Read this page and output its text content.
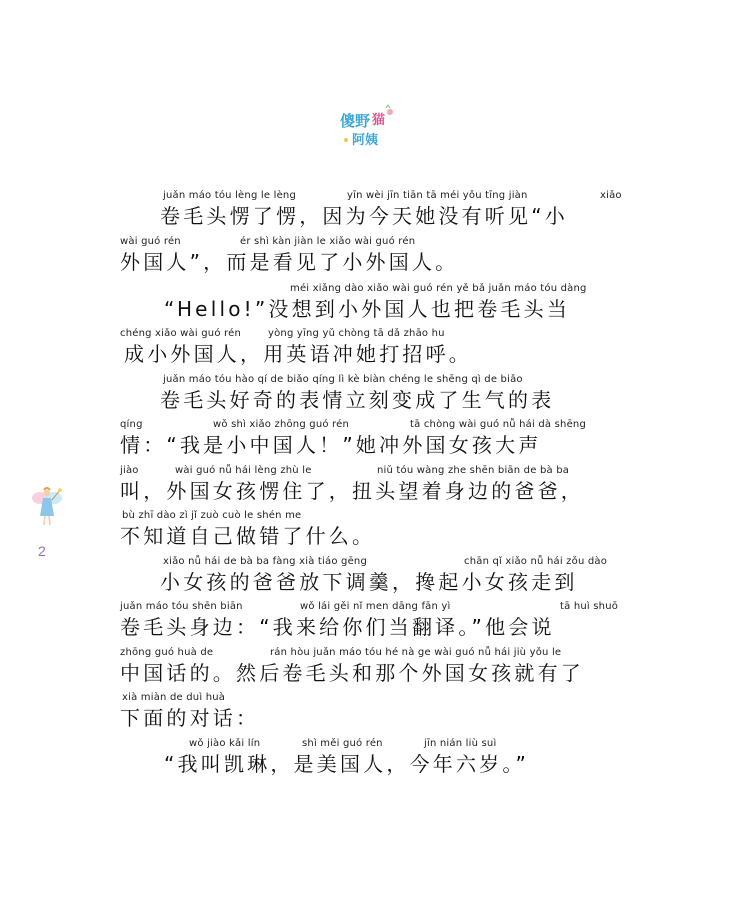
傻野 猫
阿姨
2
juǎn máo tóu lèng le lèng	yīn wèi jīn tiān tā méi yǒu tīng jiàn	xiǎo
卷毛头愣了愣，因为今天她没有听见“小
wài guó rén	ér shì kàn jiàn le xiǎo wài guó rén
外国人”，而是看见了小外国人。
méi xiǎng dào xiǎo wài guó rén yě bǎ juǎn máo tóu dàng
“Hello!”没想到小外国人也把卷毛头当
chéng xiǎo wài guó rén	yòng yīng yǔ chòng tā dǎ zhāo hu
成小外国人，用英语冲她打招呼。
juǎn máo tóu hào qí de biǎo qíng lì kè biàn chéng le shēng qì de biǎo
卷毛头好奇的表情立刻变成了生气的表
qíng	wǒ shì xiǎo zhōng guó rén	tā chòng wài guó nǚ hái dà shēng
情：“我是小中国人！”她冲外国女孩大声
jiào	wài guó nǚ hái lèng zhù le	niǔ tóu wàng zhe shēn biān de bà ba
叫，外国女孩愣住了，扭头望着身边的爸爸，
bù zhī dào zì jǐ zuò cuò le shén me
不知道自己做错了什么。
xiǎo nǚ hái de bà ba fàng xià tiáo gēng	chān qǐ xiǎo nǚ hái zǒu dào
小女孩的爸爸放下调羹，搀起小女孩走到
juǎn máo tóu shēn biān	wǒ lái gěi nǐ men dāng fān yì	tā huì shuō
卷毛头身边：“我来给你们当翻译。”他会说
zhōng guó huà de	rán hòu juǎn máo tóu hé nà ge wài guó nǚ hái jiù yǒu le
中国话的。然后卷毛头和那个外国女孩就有了
xià miàn de duì huà
下面的对话：
wǒ jiào kǎi lín	shì měi guó rén	jīn nián liù suì
“我叫凯琳，是美国人，今年六岁。”
